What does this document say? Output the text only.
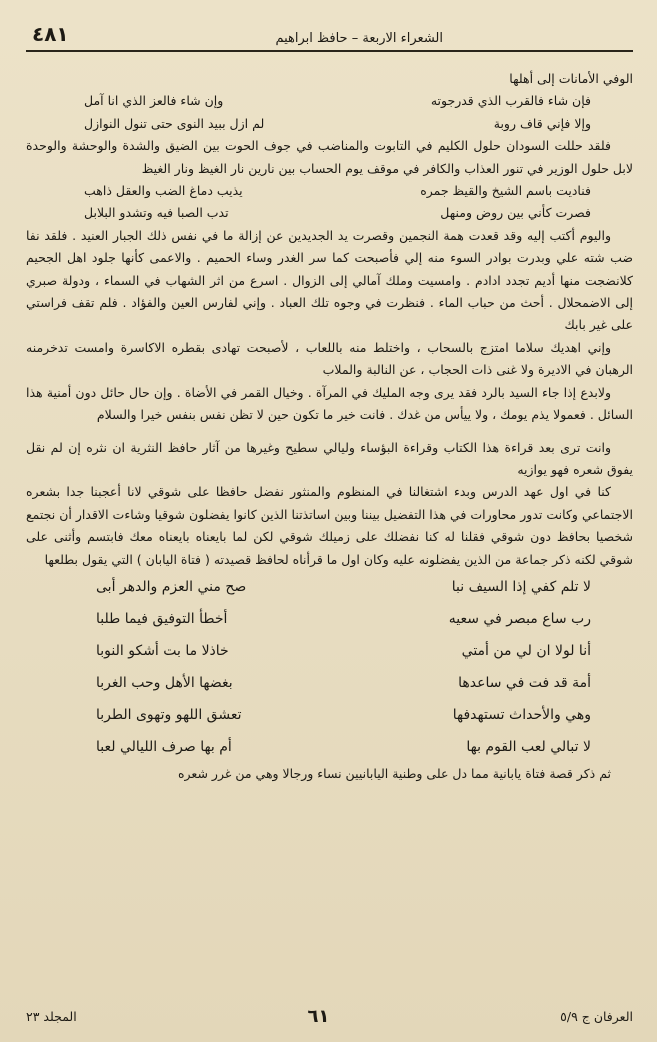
٤٨١	الشعراء الاربعة – حافظ ابراهيم

الوفي الأمانات إلى أهلها

فإن شاء فالقرب الذي قدرجوته
وإن شاء فالعز الذي انا آمل
وإلا فإني قاف روبة
لم ازل ببيد النوى حتى تنول النوازل

فلقد حللت السودان حلول الكليم في التابوت والمناضب في جوف الحوت بين الضيق والشدة والوحشة والوحدة لابل حلول الوزير في تنور العذاب والكافر في موقف يوم الحساب بين نارين نار الغيظ ونار الغيظ

فناديت باسم الشيخ والقيظ جمره
يذيب دماغ الضب والعقل ذاهب
فصرت كأني بين روض ومنهل
تدب الصبا فيه وتشدو البلابل

واليوم أكتب إليه وقد قعدت همة النجمين وقصرت يد الجديدين عن إزالة ما في نفس ذلك الجبار العنيد . فلقد نفا ضب شته علي وبدرت بوادر السوء منه إلي فأصبحت كما سر الغدر وساء الحميم . والاعمى كأنها جلود اهل الجحيم كلانضجت منها أديم تجدد ادادم . وامسيت وملك آمالي إلى الزوال . اسرع من اثر الشهاب في السماء ، ودولة صبري إلى الاضمحلال . أحث من حباب الماء . فنظرت في وجوه تلك العباد . وإني لفارس العين والفؤاد . فلم تقف فراستي على غير بابك

وإني اهديك سلاما امتزج بالسحاب ، واختلط منه باللعاب ، لأصبحت تهادى بقطره الاكاسرة وامست تدخرمنه الرهبان في الاديرة ولا غنى ذات الحجاب ، عن النالبة والملاب

ولابدع إذا جاء السيد بالرد فقد يرى وجه المليك في المرآة . وخيال القمر في الأضاة . وإن حال حائل دون أمنية هذا السائل . فعموﻻ يذم يومك ، ولا ييأس من غدك . فانت خير ما تكون حين لا تظن نفس بنفس خيرا والسلام

وانت ترى بعد قراءة هذا الكتاب وقراءة البؤساء وليالي سطيح وغيرها من آثار حافظ النثرية ان نثره إن لم نقل يفوق شعره فهو يوازيه

كنا في اول عهد الدرس وبدء اشتغالنا في المنظوم والمنثور نفضل حافظا على شوقي لانا أعجبنا جدا بشعره الاجتماعي وكانت تدور محاورات في هذا التفضيل بيننا وبين اساتذتنا الذين كانوا يفضلون شوقيا وشاءت الاقدار أن نجتمع شخصيا بحافظ دون شوقي فقلنا له كنا نفضلك على زميلك شوقي لكن لما بايعناه بايعناه معك فابتسم وأثنى على شوقي لكنه ذكر جماعة من الذين يفضلونه عليه وكان اول ما قرأناه لحافظ قصيدته ( فتاة اليابان ) التي يقول بطلعها

لا تلم كفي إذا السيف نبا
صح مني العزم والدهر أبى
رب ساع مبصر في سعيه
أخطأ التوفيق فيما طلبا
أنا لولا ان لي من أمتي
خاذلا ما بت أشكو النوبا
أمة قد فت في ساعدها
بغضها الأهل وحب الغربا
وهي والأحداث تستهدفها
تعشق اللهو وتهوى الطربا
لا تبالي لعب القوم بها
أم بها صرف الليالي لعبا

ثم ذكر قصة فتاة يابانية مما دل على وطنية اليابانيين نساء ورجالا وهي من غرر شعره

العرفان ج ٥/٩
٦١
المجلد ٢٣
